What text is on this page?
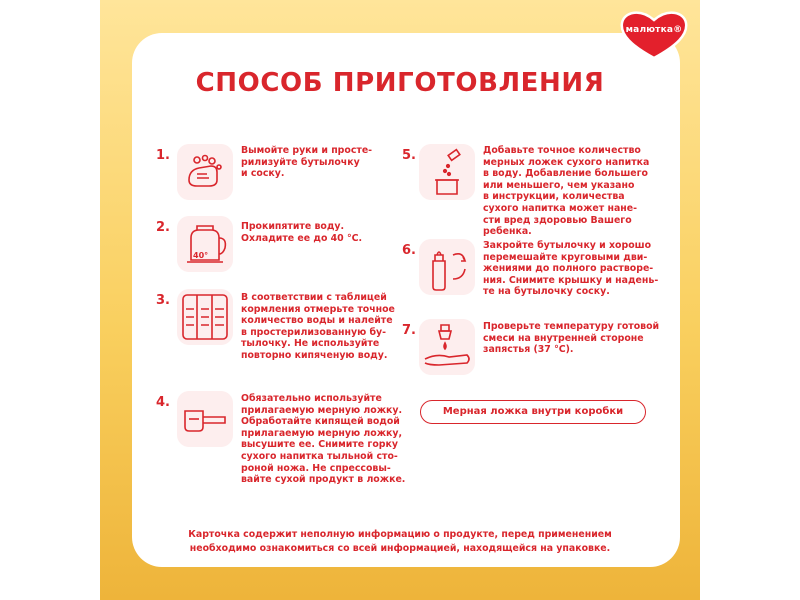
малютка®
СПОСОБ ПРИГОТОВЛЕНИЯ
1.	Вымойте руки и простe-
рилизуйте бутылочку
и соску.
2.
40°
Прокипятите воду.
Охладите ее до 40 °С.
3.	В соответствии с таблицей
кормления отмерьте точное
количество воды и налейте
в простерилизованную бу-
тылочку. Не используйте
повторно кипяченую воду.
4.	Обязательно используйте
прилагаемую мерную ложку.
Обработайте кипящей водой
прилагаемую мерную ложку,
высушите ее. Снимите горку
сухого напитка тыльной сто-
роной ножа. Не спрессовы-
вайте сухой продукт в ложке.
5.	Добавьте точное количество
мерных ложек сухого напитка
в воду. Добавление большего
или меньшего, чем указано
в инструкции, количества
сухого напитка может нане-
сти вред здоровью Вашего
ребенка.
6.	Закройте бутылочку и хорошо
перемешайте круговыми дви-
жениями до полного растворе-
ния. Снимите крышку и надень-
те на бутылочку соску.
7.	Проверьте температуру готовой
смеси на внутренней стороне
запястья (37 °С).
Мерная ложка внутри коробки
Карточка содержит неполную информацию о продукте, перед применением
необходимо ознакомиться со всей информацией, находящейся на упаковке.
